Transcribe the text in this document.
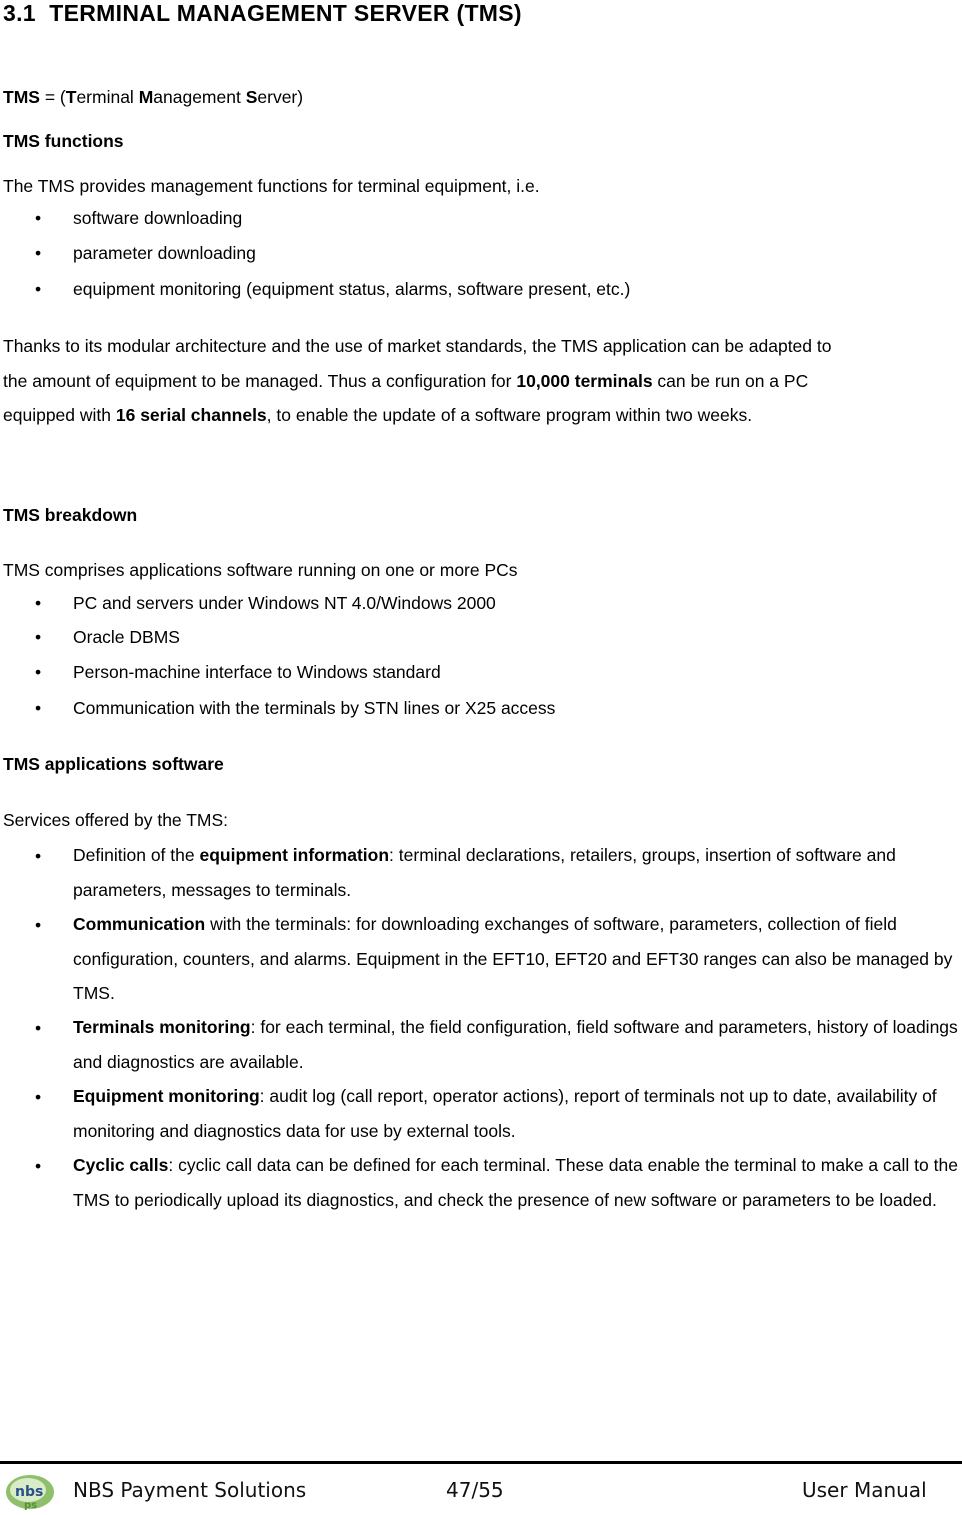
3.1 TERMINAL MANAGEMENT SERVER (TMS)
TMS = (Terminal Management Server)
TMS functions
The TMS provides management functions for terminal equipment, i.e.
•	software downloading
•	parameter downloading
•	equipment monitoring (equipment status, alarms, software present, etc.)
Thanks to its modular architecture and the use of market standards, the TMS application can be adapted to
the amount of equipment to be managed. Thus a configuration for 10,000 terminals can be run on a PC
equipped with 16 serial channels, to enable the update of a software program within two weeks.
TMS breakdown
TMS comprises applications software running on one or more PCs
•	PC and servers under Windows NT 4.0/Windows 2000
•	Oracle DBMS
•	Person-machine interface to Windows standard
•	Communication with the terminals by STN lines or X25 access
TMS applications software
Services offered by the TMS:
• Definition of the equipment information: terminal declarations, retailers, groups, insertion of software and parameters, messages to terminals.
• Communication with the terminals: for downloading exchanges of software, parameters, collection of field configuration, counters, and alarms. Equipment in the EFT10, EFT20 and EFT30 ranges can also be managed by TMS.
• Terminals monitoring: for each terminal, the field configuration, field software and parameters, history of loadings and diagnostics are available.
• Equipment monitoring: audit log (call report, operator actions), report of terminals not up to date, availability of monitoring and diagnostics data for use by external tools.
• Cyclic calls: cyclic call data can be defined for each terminal. These data enable the terminal to make a call to the TMS to periodically upload its diagnostics, and check the presence of new software or parameters to be loaded.
nbs
ps
NBS Payment Solutions	47/55	User Manual
